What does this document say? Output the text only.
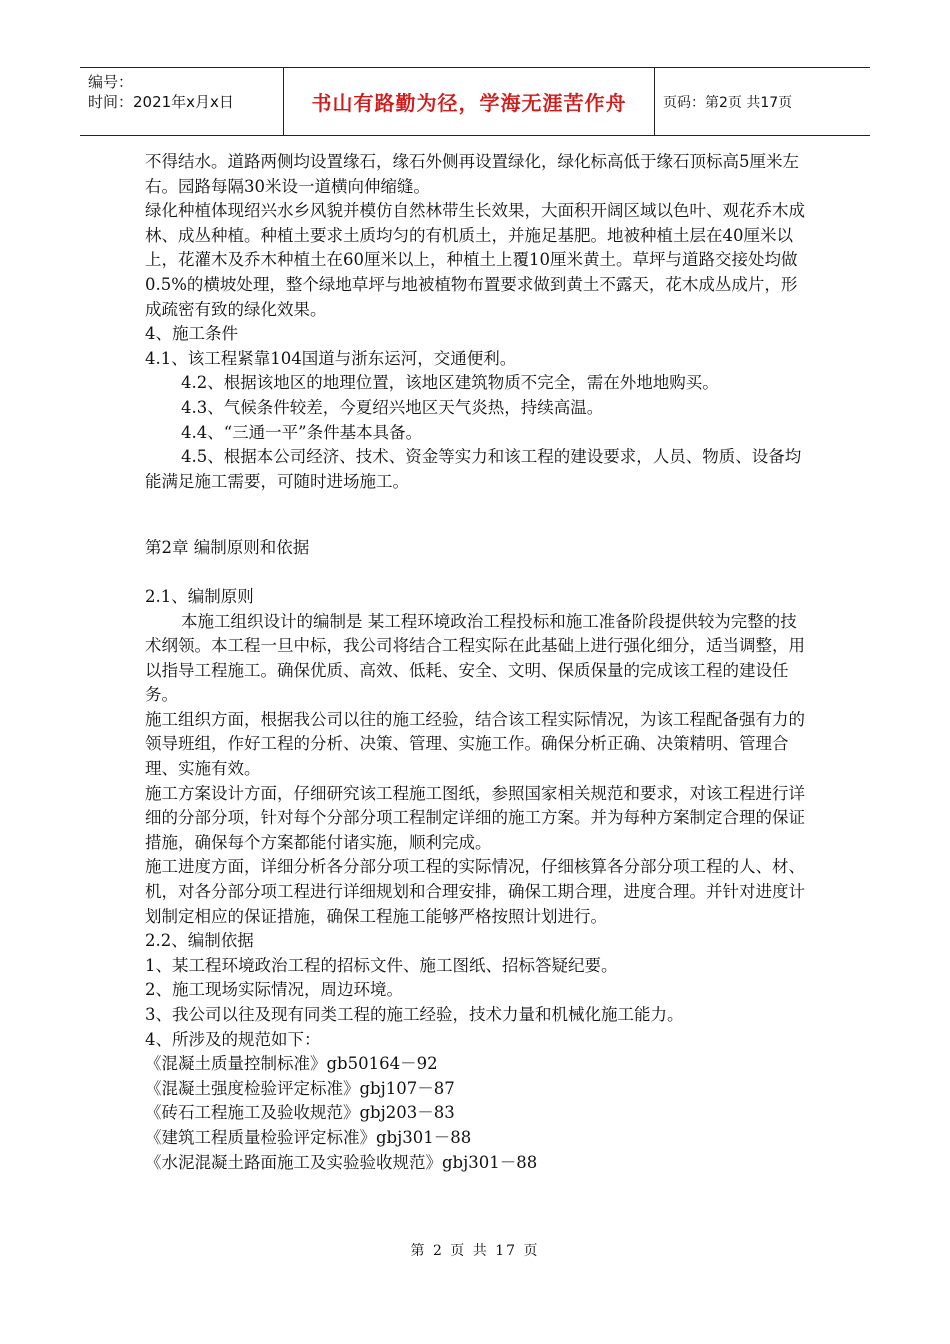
编号：
时间：2021年x月x日	书山有路勤为径，学海无涯苦作舟	页码：第2页 共17页
不得结水。道路两侧均设置缘石，缘石外侧再设置绿化，绿化标高低于缘石顶标高5厘米左右。园路每隔30米设一道横向伸缩缝。
绿化种植体现绍兴水乡风貌并模仿自然林带生长效果，大面积开阔区域以色叶、观花乔木成林、成丛种植。种植土要求土质均匀的有机质土，并施足基肥。地被种植土层在40厘米以上，花灌木及乔木种植土在60厘米以上，种植土上覆10厘米黄土。草坪与道路交接处均做0.5%的横坡处理，整个绿地草坪与地被植物布置要求做到黄土不露天，花木成丛成片，形成疏密有致的绿化效果。
4、施工条件
4.1、该工程紧靠104国道与浙东运河，交通便利。
4.2、根据该地区的地理位置，该地区建筑物质不完全，需在外地地购买。
4.3、气候条件较差，今夏绍兴地区天气炎热，持续高温。
4.4、“三通一平”条件基本具备。
4.5、根据本公司经济、技术、资金等实力和该工程的建设要求，人员、物质、设备均能满足施工需要，可随时进场施工。
第2章 编制原则和依据
2.1、编制原则
本施工组织设计的编制是 某工程环境政治工程投标和施工准备阶段提供较为完整的技术纲领。本工程一旦中标，我公司将结合工程实际在此基础上进行强化细分，适当调整，用以指导工程施工。确保优质、高效、低耗、安全、文明、保质保量的完成该工程的建设任务。
施工组织方面，根据我公司以往的施工经验，结合该工程实际情况，为该工程配备强有力的领导班组，作好工程的分析、决策、管理、实施工作。确保分析正确、决策精明、管理合理、实施有效。
施工方案设计方面，仔细研究该工程施工图纸，参照国家相关规范和要求，对该工程进行详细的分部分项，针对每个分部分项工程制定详细的施工方案。并为每种方案制定合理的保证措施，确保每个方案都能付诸实施，顺利完成。
施工进度方面，详细分析各分部分项工程的实际情况，仔细核算各分部分项工程的人、材、机，对各分部分项工程进行详细规划和合理安排，确保工期合理，进度合理。并针对进度计划制定相应的保证措施，确保工程施工能够严格按照计划进行。
2.2、编制依据
1、某工程环境政治工程的招标文件、施工图纸、招标答疑纪要。
2、施工现场实际情况，周边环境。
3、我公司以往及现有同类工程的施工经验，技术力量和机械化施工能力。
4、所涉及的规范如下：
《混凝土质量控制标准》gb50164－92
《混凝土强度检验评定标准》gbj107－87
《砖石工程施工及验收规范》gbj203－83
《建筑工程质量检验评定标准》gbj301－88
《水泥混凝土路面施工及实验验收规范》gbj301－88
第 2 页 共 17 页
